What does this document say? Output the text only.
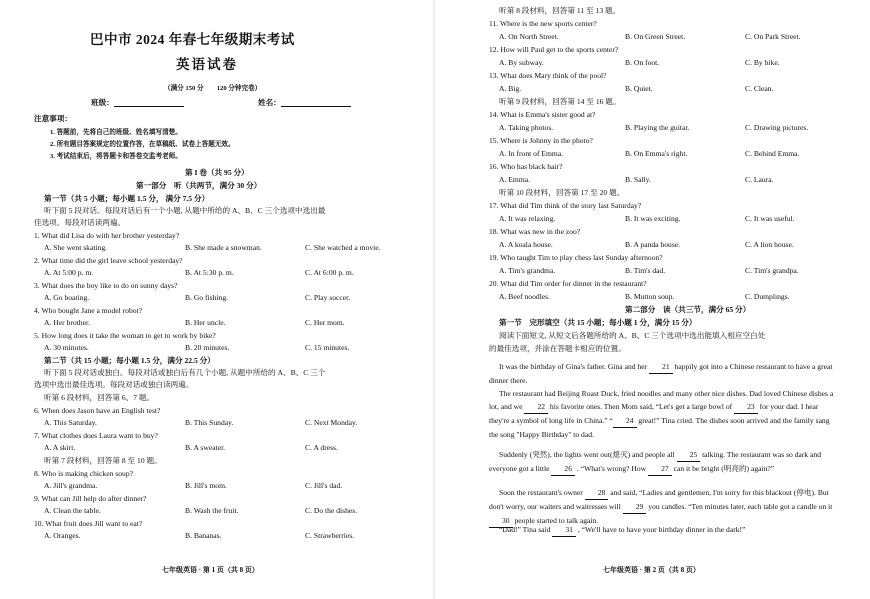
巴中市 2024 年春七年级期末考试
英语试卷
（满分 150 分　　120 分钟完卷）
班级：	姓名：
注意事项：
1. 答题前，先将自己的班级、姓名填写清楚。
2. 所有题目答案规定的位置作答，在草稿纸、试卷上答题无效。
3. 考试结束后，将答题卡和答卷交监考老师。
第 I 卷（共 95 分）
第一部分　听（共两节，满分 30 分）
第一节（共 5 小题；每小题 1.5 分， 满分 7.5 分）
听下面 5 段对话。每段对话后有一个小题, 从题中所给的 A、B、C 三个选项中选出最
佳选项。每段对话读两遍。
1. What did Lisa do with her brother yesterday?
A. She went skating.	B. She made a snowman.	C. She watched a movie.
2. What time did the girl leave school yesterday?
A. At 5:00 p. m.	B. At 5:30 p. m.	C. At 6:00 p. m.
3. What does the boy like to do on sunny days?
A. Go boating.	B. Go fishing.	C. Play soccer.
4. Who bought Jane a model robot?
A. Her brother.	B. Her uncle.	C. Her mom.
5. How long does it take the woman to get to work by bike?
A. 30 minutes.	B. 20 minutes.	C. 15 minutes.
第二节（共 15 小题；每小题 1.5 分，满分 22.5 分）
听下面 5 段对话或独白。每段对话或独白后有几个小题, 从题中所给的 A、B、C 三个
选项中选出最佳选项。每段对话或独白读两遍。
听第 6 段材料，回答第 6、7 题。
6. When does Jason have an English test?
A. This Saturday.	B. This Sunday.	C. Next Monday.
7. What clothes does Laura want to buy?
A. A skirt.	B. A sweater.	C. A dress.
听第 7 段材料，回答第 8 至 10 题。
8. Who is making chicken soup?
A. Jill's grandma.	B. Jill's mom.	C. Jill's dad.
9. What can Jill help do after dinner?
A. Clean the table.	B. Wash the fruit.	C. Do the dishes.
10. What fruit does Jill want to eat?
A. Oranges.	B. Bananas.	C. Strawberries.
七年级英语 · 第 1 页（共 8 页）
听第 8 段材料，回答第 11 至 13 题。
11. Where is the new sports center?
A. On North Street.	B. On Green Street.	C. On Park Street.
12. How will Paul get to the sports center?
A. By subway.	B. On foot.	C. By bike.
13. What does Mary think of the pool?
A. Big.	B. Quiet.	C. Clean.
听第 9 段材料，回答第 14 至 16 题。
14. What is Emma's sister good at?
A. Taking photos.	B. Playing the guitar.	C. Drawing pictures.
15. Where is Johnny in the photo?
A. In front of Emma.	B. On Emma's right.	C. Behind Emma.
16. Who has black hair?
A. Emma.	B. Sally.	C. Laura.
听第 10 段材料，回答第 17 至 20 题。
17. What did Tim think of the story last Saturday?
A. It was relaxing.	B. It was exciting.	C. It was useful.
18. What was new in the zoo?
A. A koala house.	B. A panda house.	C. A lion house.
19. Who taught Tim to play chess last Sunday afternoon?
A. Tim's grandma.	B. Tim's dad.	C. Tim's grandpa.
20. What did Tim order for dinner in the restaurant?
A. Beef noodles.	B. Mutton soup.	C. Dumplings.
第二部分　读（共三节，满分 65 分）
第一节　完形填空（共 15 小题；每小题 1 分，满分 15 分）
阅读下面短文, 从短文后各题所给的 A、B、C 三个选项中选出能填入相应空白处
的最佳选项，并涂在答题卡相应的位置。
It was the birthday of Gina's father. Gina and her 21 happily got into a Chinese restaurant to have a great dinner there.
The restaurant had Beijing Roast Duck, fried noodles and many other nice dishes. Dad loved Chinese dishes a lot, and we 22 his favorite ones. Then Mom said, “Let's get a large bowl of 23 for your dad. I hear they're a symbol of long life in China.” “ 24 great!” Tina cried. The dishes soon arrived and the family sang the song "Happy Birthday" to dad.
Suddenly (突然), the lights went out(熄灭) and people all 25 talking. The restaurant was so dark and everyone got a little 26 . “What's wrong? How 27 can it be bright (明亮的) again?”
Soon the restaurant's owner 28 and said, “Ladies and gentlemen, I'm sorry for this blackout (停电). But don't worry, our waiters and waitresses will 29 you candles. “Ten minutes later, each table got a candle on it 30 people started to talk again.
“Dad!” Tina said 31 , “We'll have to have your birthday dinner in the dark!”
七年级英语 · 第 2 页（共 8 页）
